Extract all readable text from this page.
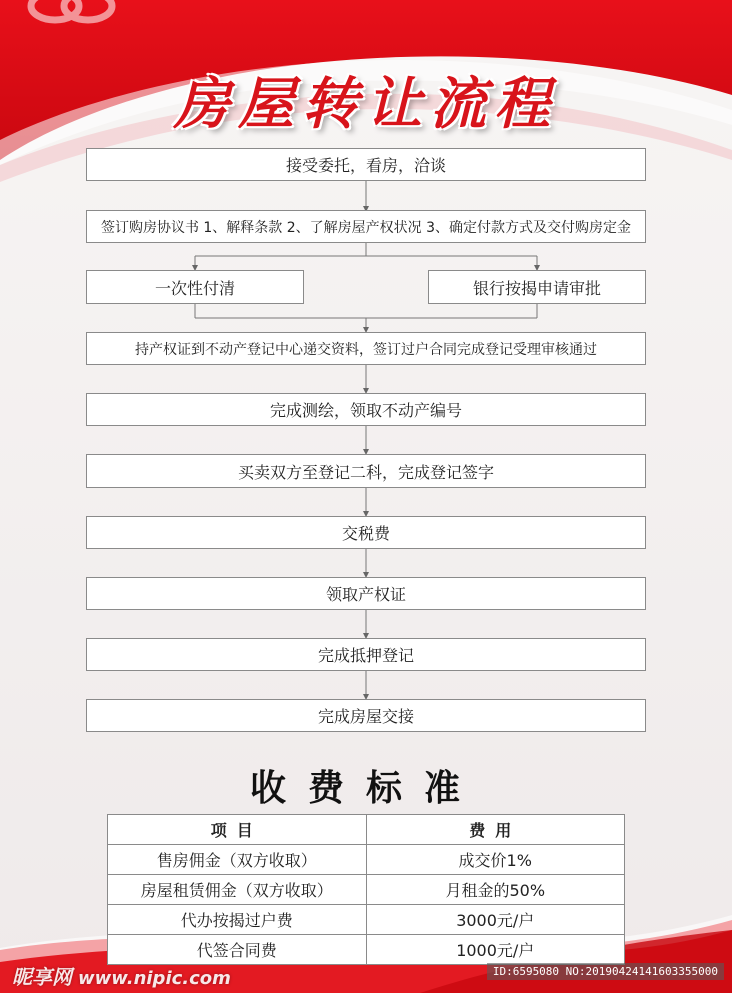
房屋转让流程
接受委托，看房，洽谈
签订购房协议书 1、解释条款 2、了解房屋产权状况 3、确定付款方式及交付购房定金
一次性付清	银行按揭申请审批
持产权证到不动产登记中心递交资料，签订过户合同完成登记受理审核通过
完成测绘，领取不动产编号
买卖双方至登记二科，完成登记签字
交税费
领取产权证
完成抵押登记
完成房屋交接
收费标准
项目	费用
售房佣金（双方收取）	成交价1%
房屋租赁佣金（双方收取）	月租金的50%
代办按揭过户费	3000元/户
代签合同费	1000元/户
昵享网 www.nipic.com	ID:6595080 NO:20190424141603355000
